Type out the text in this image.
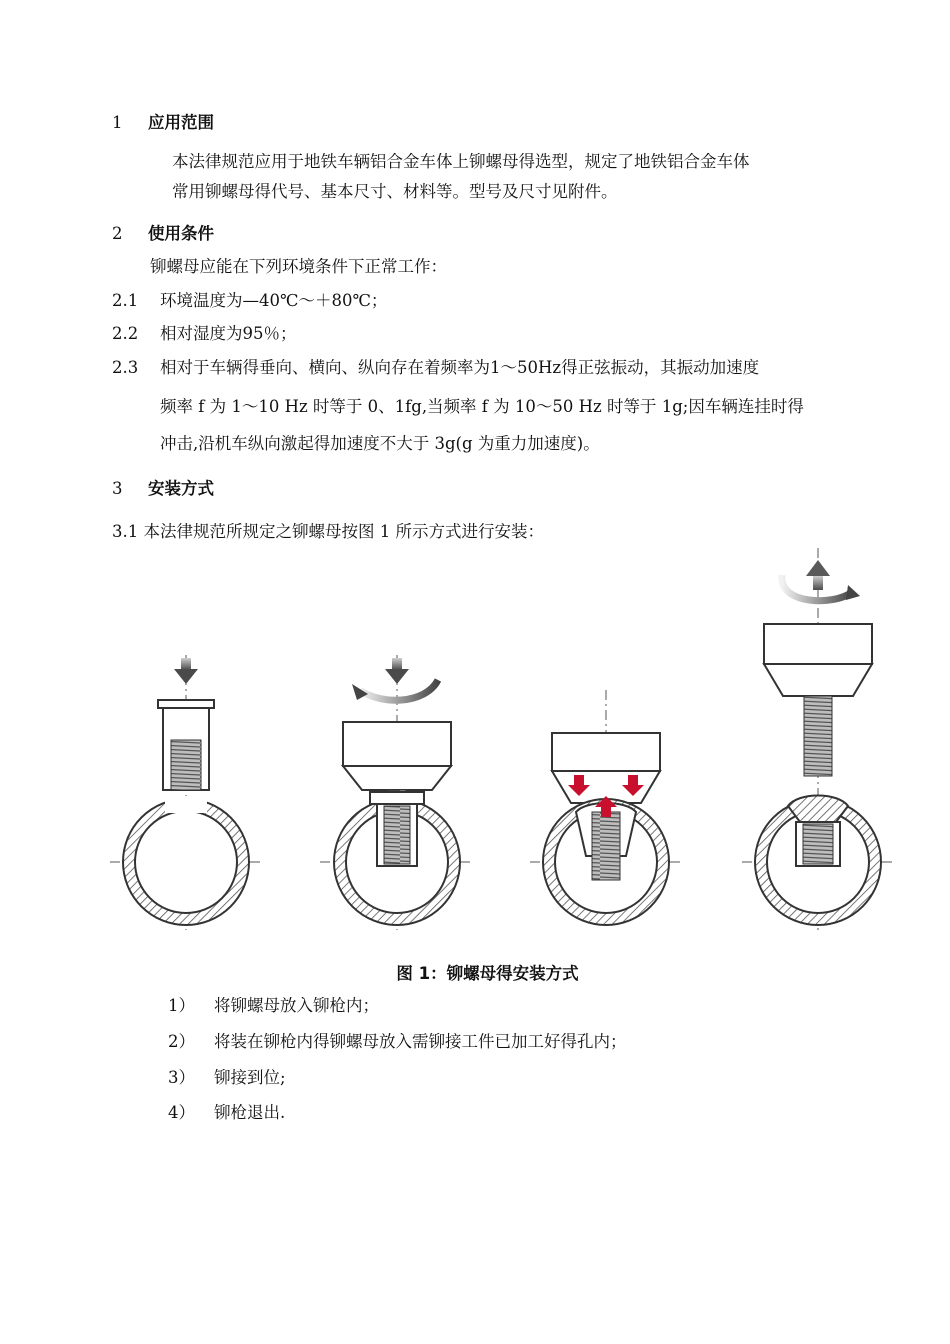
1 应用范围
本法律规范应用于地铁车辆铝合金车体上铆螺母得选型，规定了地铁铝合金车体
常用铆螺母得代号、基本尺寸、材料等。型号及尺寸见附件。
2 使用条件
铆螺母应能在下列环境条件下正常工作：
2.1 环境温度为—40℃～＋80℃；
2.2 相对湿度为95％；
2.3 相对于车辆得垂向、横向、纵向存在着频率为1～50Hz得正弦振动，其振动加速度
频率 f 为 1～10 Hz 时等于 0、1fg,当频率 f 为 10～50 Hz 时等于 1g;因车辆连挂时得
冲击,沿机车纵向激起得加速度不大于 3g(g 为重力加速度)。
3 安装方式
3.1 本法律规范所规定之铆螺母按图 1 所示方式进行安装：
图 1：铆螺母得安装方式
1） 将铆螺母放入铆枪内；
2） 将装在铆枪内得铆螺母放入需铆接工件已加工好得孔内；
3） 铆接到位;
4） 铆枪退出.
